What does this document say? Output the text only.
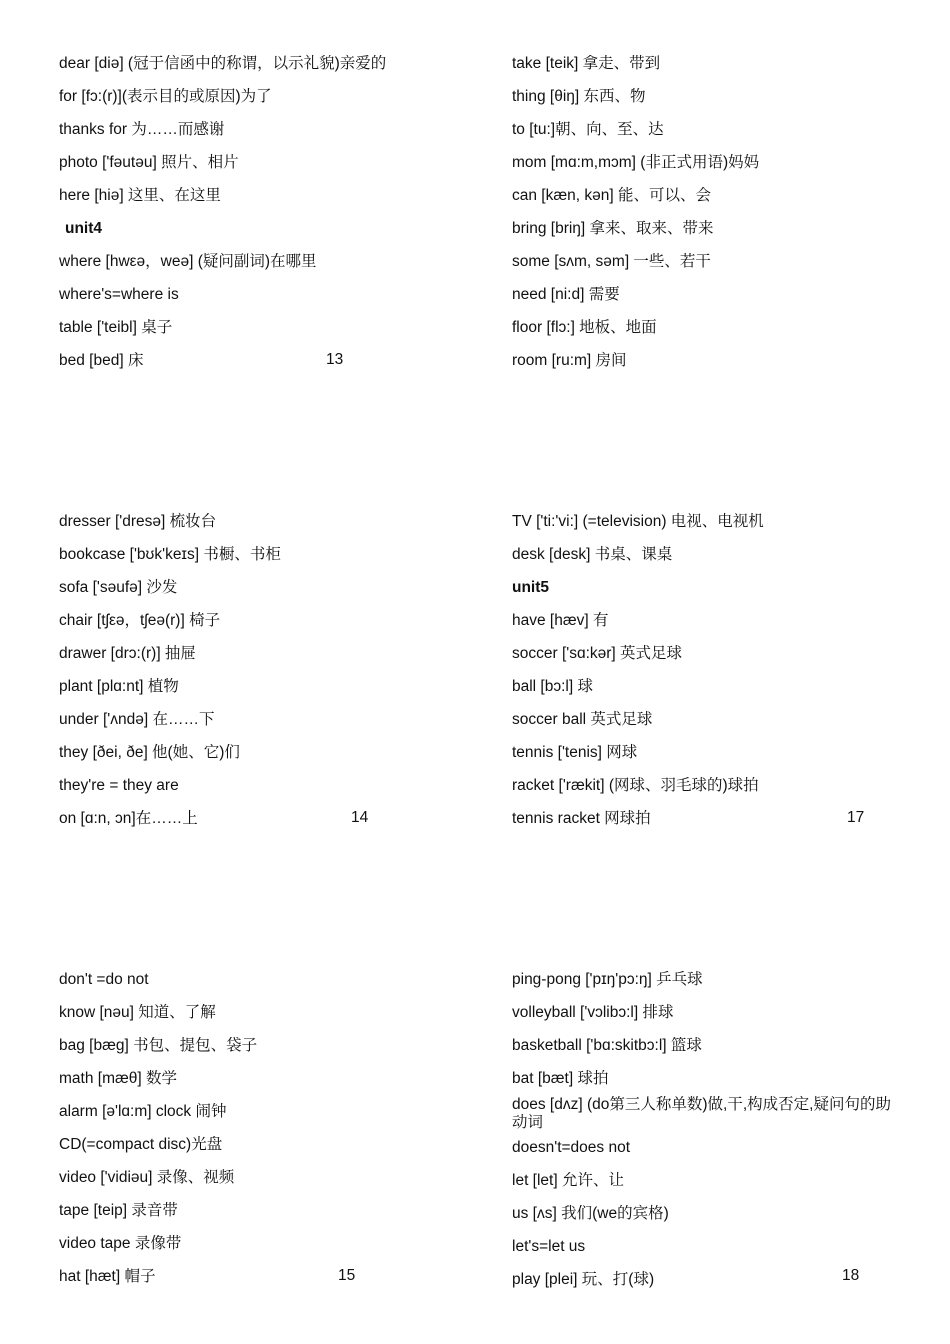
dear [diə] (冠于信函中的称谓，以示礼貌)亲爱的
for [fɔ:(r)](表示目的或原因)为了
thanks for 为……而感谢
photo ['fəutəu] 照片、相片
here [hiə] 这里、在这里
unit4
where [hwεə，weə] (疑问副词)在哪里
where's=where is
table ['teibl] 桌子
bed [bed] 床	13
take [teik] 拿走、带到
thing [θiŋ] 东西、物
to [tu:]朝、向、至、达
mom [mɑ:m,mɔm] (非正式用语)妈妈
can [kæn, kən] 能、可以、会
bring [briŋ] 拿来、取来、带来
some [sʌm, səm] 一些、若干
need [ni:d] 需要
floor [flɔ:] 地板、地面
room [ru:m] 房间
dresser ['dresə] 梳妆台
bookcase ['bʊk'keɪs] 书橱、书柜
sofa ['səufə] 沙发
chair [tʃεə，tʃeə(r)] 椅子
drawer [drɔ:(r)] 抽屉
plant [plɑ:nt] 植物
under ['ʌndə] 在……下
they [ðei, ðe] 他(她、它)们
they're = they are
on [ɑ:n, ɔn]在……上	14
TV ['ti:'vi:] (=television) 电视、电视机
desk [desk] 书桌、课桌
unit5
have [hæv] 有
soccer ['sɑ:kər] 英式足球
ball [bɔ:l] 球
soccer ball 英式足球
tennis ['tenis] 网球
racket ['rækit] (网球、羽毛球的)球拍
tennis racket 网球拍	17
don't =do not
know [nəu] 知道、了解
bag [bæɡ] 书包、提包、袋子
math [mæθ] 数学
alarm [ə'lɑ:m] clock 闹钟
CD(=compact disc)光盘
video ['vidiəu] 录像、视频
tape [teip] 录音带
video tape 录像带
hat [hæt] 帽子	15
ping-pong ['pɪŋ'pɔ:ŋ] 乒乓球
volleyball ['vɔlibɔ:l] 排球
basketball ['bɑ:skitbɔ:l] 篮球
bat [bæt] 球拍
does [dʌz] (do第三人称单数)做,干,构成否定,疑问句的助动词
doesn't=does not
let [let] 允许、让
us [ʌs] 我们(we的宾格)
let's=let us
play [plei] 玩、打(球)	18
